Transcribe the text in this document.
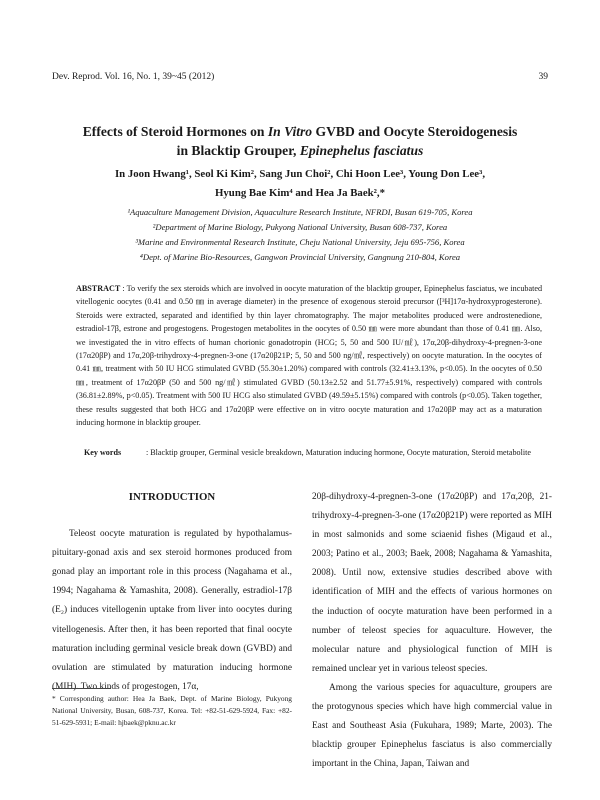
Dev. Reprod. Vol. 16, No. 1, 39~45 (2012)	39
Effects of Steroid Hormones on In Vitro GVBD and Oocyte Steroidogenesis
in Blacktip Grouper, Epinephelus fasciatus
In Joon Hwang¹, Seol Ki Kim², Sang Jun Choi², Chi Hoon Lee³, Young Don Lee³,
Hyung Bae Kim⁴ and Hea Ja Baek²,*
¹Aquaculture Management Division, Aquaculture Research Institute, NFRDI, Busan 619-705, Korea
²Department of Marine Biology, Pukyong National University, Busan 608-737, Korea
³Marine and Environmental Research Institute, Cheju National University, Jeju 695-756, Korea
⁴Dept. of Marine Bio-Resources, Gangwon Provincial University, Gangnung 210-804, Korea
ABSTRACT : To verify the sex steroids which are involved in oocyte maturation of the blacktip grouper, Epinephelus fasciatus, we incubated vitellogenic oocytes (0.41 and 0.50 ㎜ in average diameter) in the presence of exogenous steroid precursor ([³H]17α-hydroxyprogesterone). Steroids were extracted, separated and identified by thin layer chromatography. The major metabolites produced were androstenedione, estradiol-17β, estrone and progestogens. Progestogen metabolites in the oocytes of 0.50 ㎜ were more abundant than those of 0.41 ㎜. Also, we investigated the in vitro effects of human chorionic gonadotropin (HCG; 5, 50 and 500 IU/㎖), 17α,20β-dihydroxy-4-pregnen-3-one (17α20βP) and 17α,20β-trihydroxy-4-pregnen-3-one (17α20β21P; 5, 50 and 500 ng/㎖, respectively) on oocyte maturation. In the oocytes of 0.41 ㎜, treatment with 50 IU HCG stimulated GVBD (55.30±1.20%) compared with controls (32.41±3.13%, p<0.05). In the oocytes of 0.50 ㎜, treatment of 17α20βP (50 and 500 ng/㎖) stimulated GVBD (50.13±2.52 and 51.77±5.91%, respectively) compared with controls (36.81±2.89%, p<0.05). Treatment with 500 IU HCG also stimulated GVBD (49.59±5.15%) compared with controls (p<0.05). Taken together, these results suggested that both HCG and 17α20βP were effective on in vitro oocyte maturation and 17α20βP may act as a maturation inducing hormone in blacktip grouper.
Key words	: Blacktip grouper, Germinal vesicle breakdown, Maturation inducing hormone, Oocyte maturation, Steroid metabolite
INTRODUCTION

Teleost oocyte maturation is regulated by hypothalamus-pituitary-gonad axis and sex steroid hormones produced from gonad play an important role in this process (Nagahama et al., 1994; Nagahama & Yamashita, 2008). Generally, estradiol-17β (E₂) induces vitellogenin uptake from liver into oocytes during vitellogenesis. After then, it has been reported that final oocyte maturation including germinal vesicle break down (GVBD) and ovulation are stimulated by maturation inducing hormone (MIH). Two kinds of progestogen, 17α,

20β-dihydroxy-4-pregnen-3-one (17α20βP) and 17α,20β, 21-trihydroxy-4-pregnen-3-one (17α20β21P) were reported as MIH in most salmonids and some sciaenid fishes (Migaud et al., 2003; Patino et al., 2003; Baek, 2008; Nagahama & Yamashita, 2008). Until now, extensive studies described above with identification of MIH and the effects of various hormones on the induction of oocyte maturation have been performed in a number of teleost species for aquaculture. However, the molecular nature and physiological function of MIH is remained unclear yet in various teleost species.

Among the various species for aquaculture, groupers are the protogynous species which have high commercial value in East and Southeast Asia (Fukuhara, 1989; Marte, 2003). The blacktip grouper Epinephelus fasciatus is also commercially important in the China, Japan, Taiwan and

* Corresponding author: Hea Ja Baek, Dept. of Marine Biology, Pukyong National University, Busan, 608-737, Korea. Tel: +82-51-629-5924, Fax: +82-51-629-5931; E-mail: hjbaek@pknu.ac.kr
